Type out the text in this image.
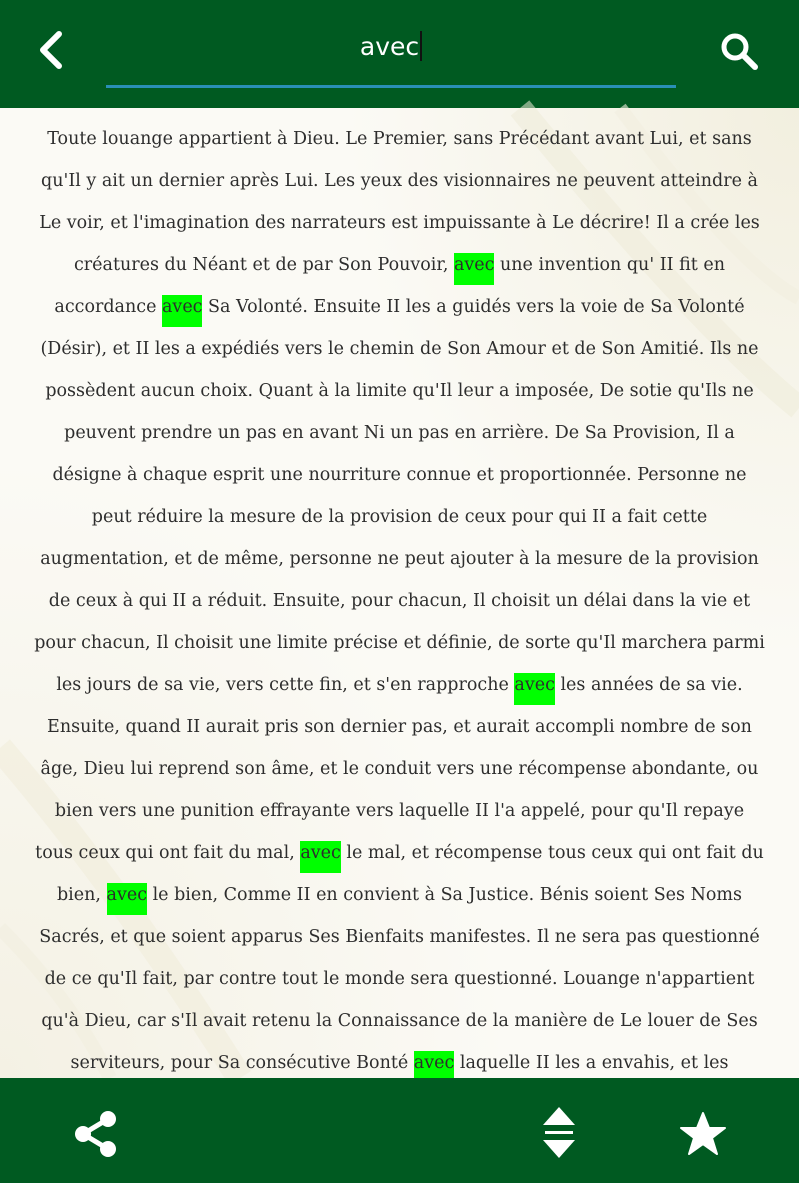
avec

Toute louange appartient à Dieu. Le Premier, sans Précédant avant Lui, et sans qu'Il y ait un dernier après Lui. Les yeux des visionnaires ne peuvent atteindre à Le voir, et l'imagination des narrateurs est impuissante à Le décrire! Il a crée les créatures du Néant et de par Son Pouvoir, avec une invention qu' II fit en accordance avec Sa Volonté. Ensuite II les a guidés vers la voie de Sa Volonté (Désir), et II les a expédiés vers le chemin de Son Amour et de Son Amitié. Ils ne possèdent aucun choix. Quant à la limite qu'Il leur a imposée, De sotie qu'Ils ne peuvent prendre un pas en avant Ni un pas en arrière. De Sa Provision, Il a désigne à chaque esprit une nourriture connue et proportionnée. Personne ne peut réduire la mesure de la provision de ceux pour qui II a fait cette augmentation, et de même, personne ne peut ajouter à la mesure de la provision de ceux à qui II a réduit. Ensuite, pour chacun, Il choisit un délai dans la vie et pour chacun, Il choisit une limite précise et définie, de sorte qu'Il marchera parmi les jours de sa vie, vers cette fin, et s'en rapproche avec les années de sa vie. Ensuite, quand II aurait pris son dernier pas, et aurait accompli nombre de son âge, Dieu lui reprend son âme, et le conduit vers une récompense abondante, ou bien vers une punition effrayante vers laquelle II l'a appelé, pour qu'Il repaye tous ceux qui ont fait du mal, avec le mal, et récompense tous ceux qui ont fait du bien, avec le bien, Comme II en convient à Sa Justice. Bénis soient Ses Noms Sacrés, et que soient apparus Ses Bienfaits manifestes. Il ne sera pas questionné de ce qu'Il fait, par contre tout le monde sera questionné. Louange n'appartient qu'à Dieu, car s'Il avait retenu la Connaissance de la manière de Le louer de Ses serviteurs, pour Sa consécutive Bonté avec laquelle II les a envahis, et les
